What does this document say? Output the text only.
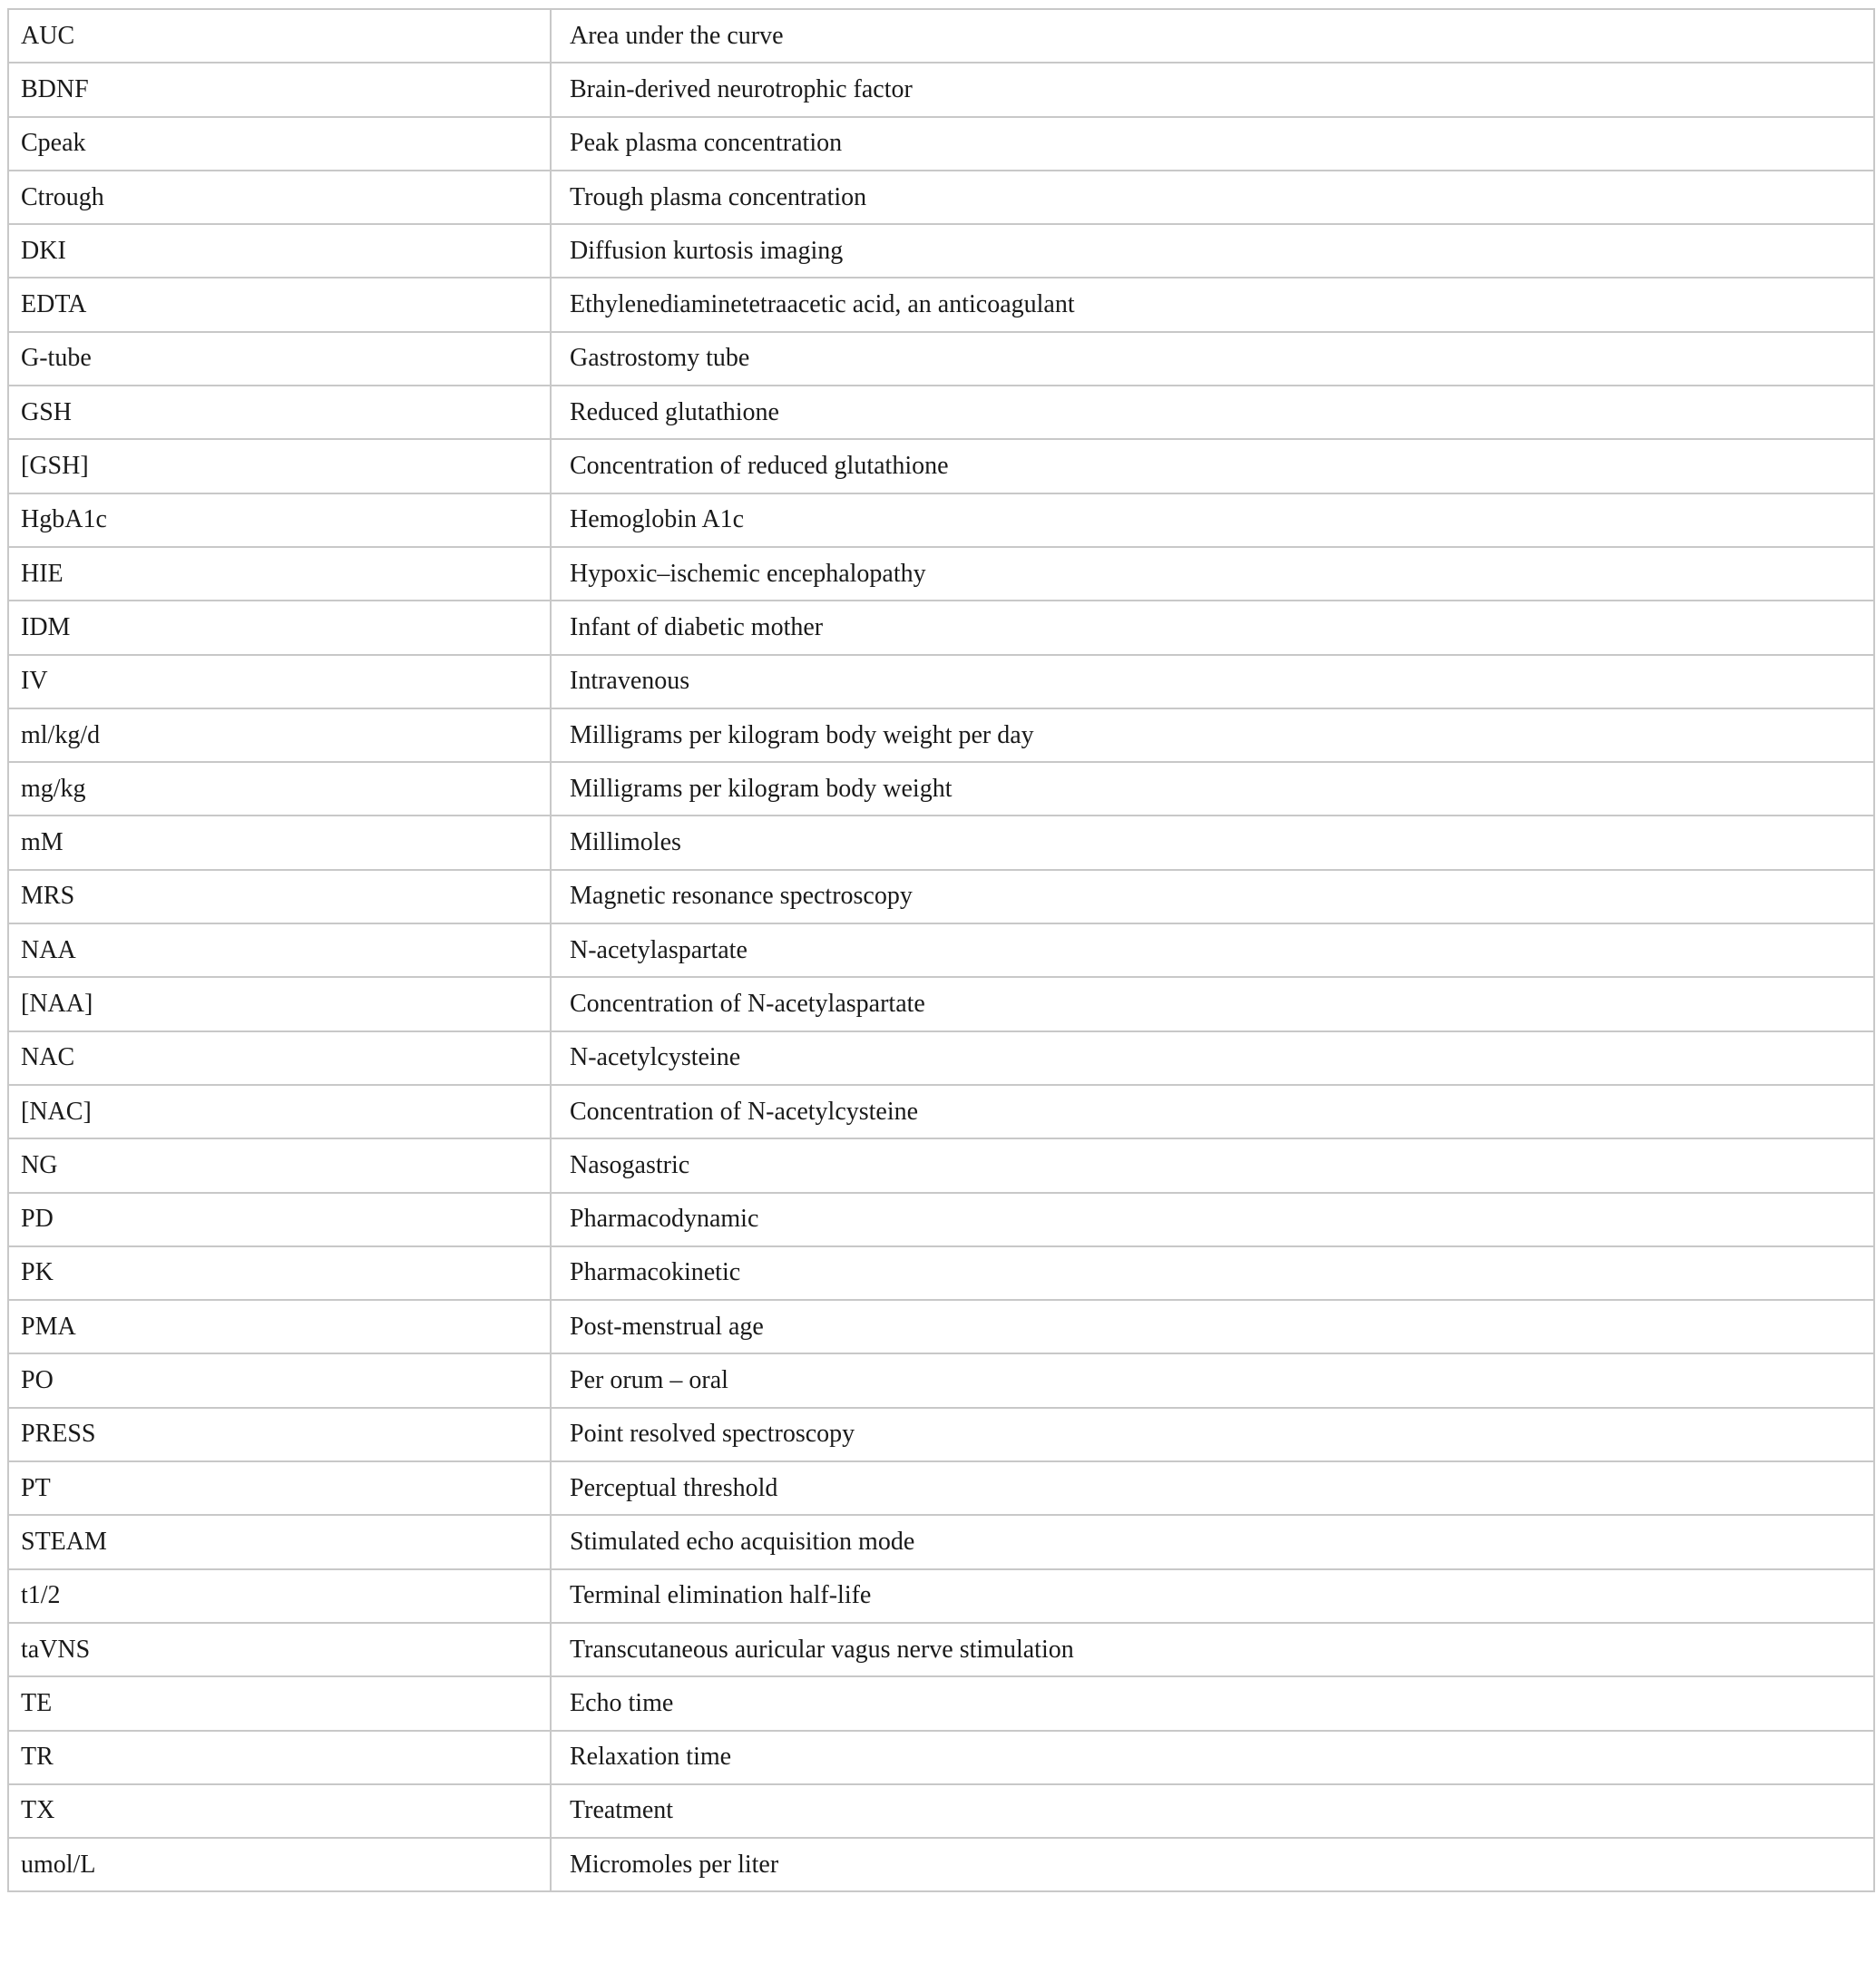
AUC	Area under the curve
BDNF	Brain-derived neurotrophic factor
Cpeak	Peak plasma concentration
Ctrough	Trough plasma concentration
DKI	Diffusion kurtosis imaging
EDTA	Ethylenediaminetetraacetic acid, an anticoagulant
G-tube	Gastrostomy tube
GSH	Reduced glutathione
[GSH]	Concentration of reduced glutathione
HgbA1c	Hemoglobin A1c
HIE	Hypoxic–ischemic encephalopathy
IDM	Infant of diabetic mother
IV	Intravenous
ml/kg/d	Milligrams per kilogram body weight per day
mg/kg	Milligrams per kilogram body weight
mM	Millimoles
MRS	Magnetic resonance spectroscopy
NAA	N-acetylaspartate
[NAA]	Concentration of N-acetylaspartate
NAC	N-acetylcysteine
[NAC]	Concentration of N-acetylcysteine
NG	Nasogastric
PD	Pharmacodynamic
PK	Pharmacokinetic
PMA	Post-menstrual age
PO	Per orum – oral
PRESS	Point resolved spectroscopy
PT	Perceptual threshold
STEAM	Stimulated echo acquisition mode
t1/2	Terminal elimination half-life
taVNS	Transcutaneous auricular vagus nerve stimulation
TE	Echo time
TR	Relaxation time
TX	Treatment
umol/L	Micromoles per liter
